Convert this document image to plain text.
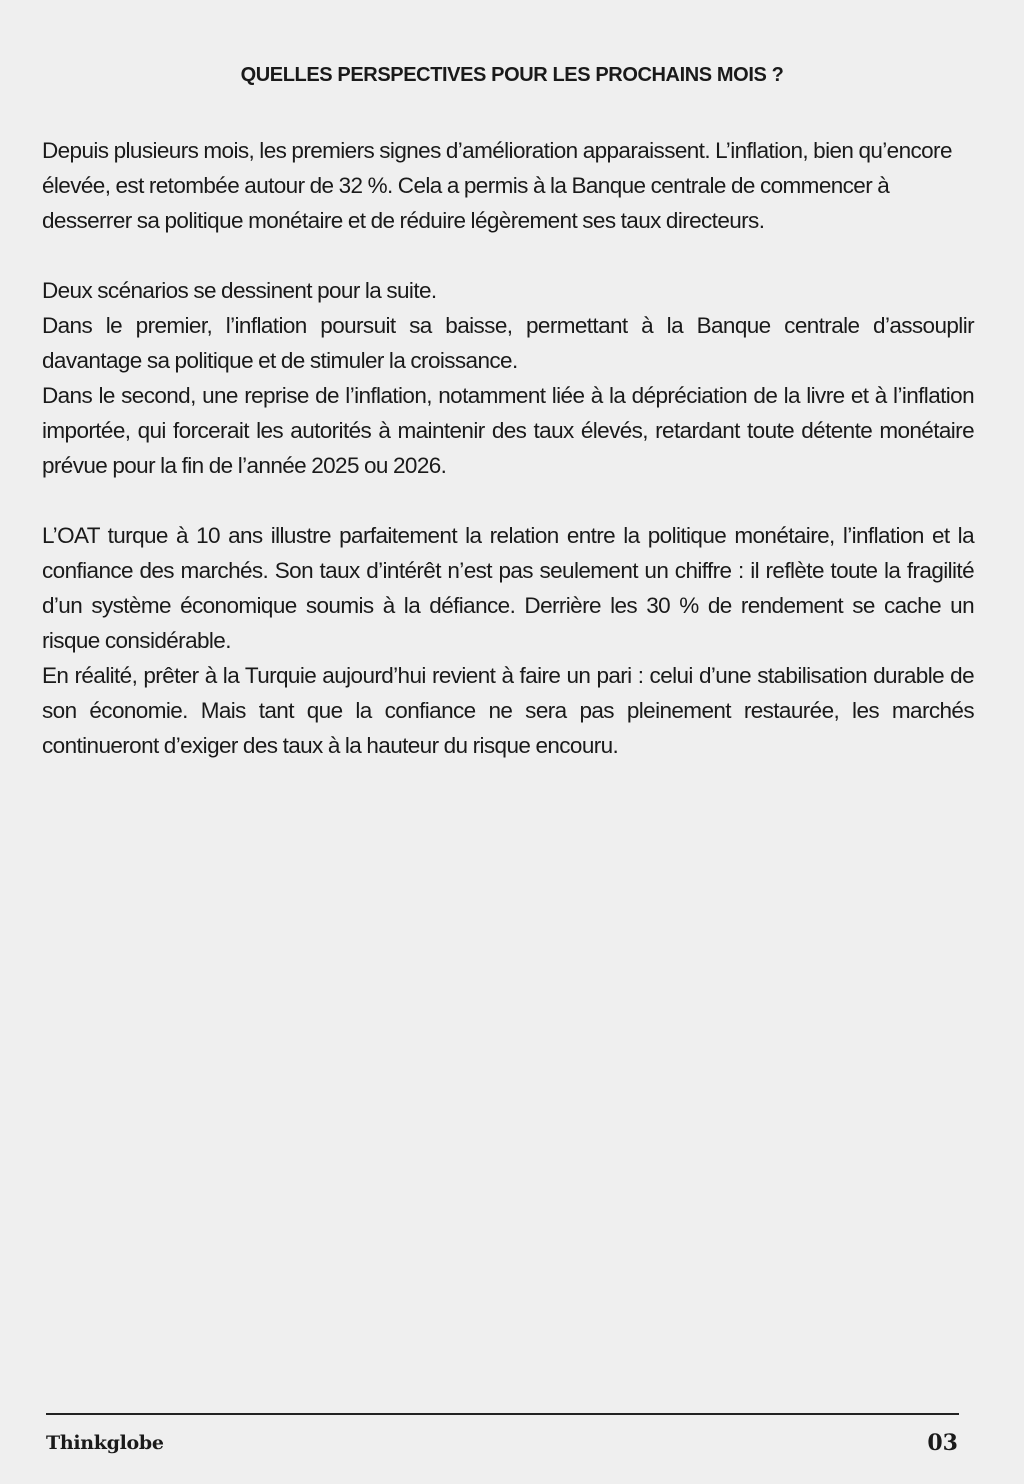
QUELLES PERSPECTIVES POUR LES PROCHAINS MOIS ?

Depuis plusieurs mois, les premiers signes d’amélioration apparaissent. L’inflation, bien qu’encore élevée, est retombée autour de 32 %. Cela a permis à la Banque centrale de commencer à desserrer sa politique monétaire et de réduire légèrement ses taux directeurs.

Deux scénarios se dessinent pour la suite.

Dans le premier, l’inflation poursuit sa baisse, permettant à la Banque centrale d’assouplir davantage sa politique et de stimuler la croissance.

Dans le second, une reprise de l’inflation, notamment liée à la dépréciation de la livre et à l’inflation importée, qui forcerait les autorités à maintenir des taux élevés, retardant toute détente monétaire prévue pour la fin de l’année 2025 ou 2026.

L’OAT turque à 10 ans illustre parfaitement la relation entre la politique monétaire, l’inflation et la confiance des marchés. Son taux d’intérêt n’est pas seulement un chiffre : il reflète toute la fragilité d’un système économique soumis à la défiance. Derrière les 30 % de rendement se cache un risque considérable.

En réalité, prêter à la Turquie aujourd’hui revient à faire un pari : celui d’une stabilisation durable de son économie. Mais tant que la confiance ne sera pas pleinement restaurée, les marchés continueront d’exiger des taux à la hauteur du risque encouru.

Thinkglobe	03
